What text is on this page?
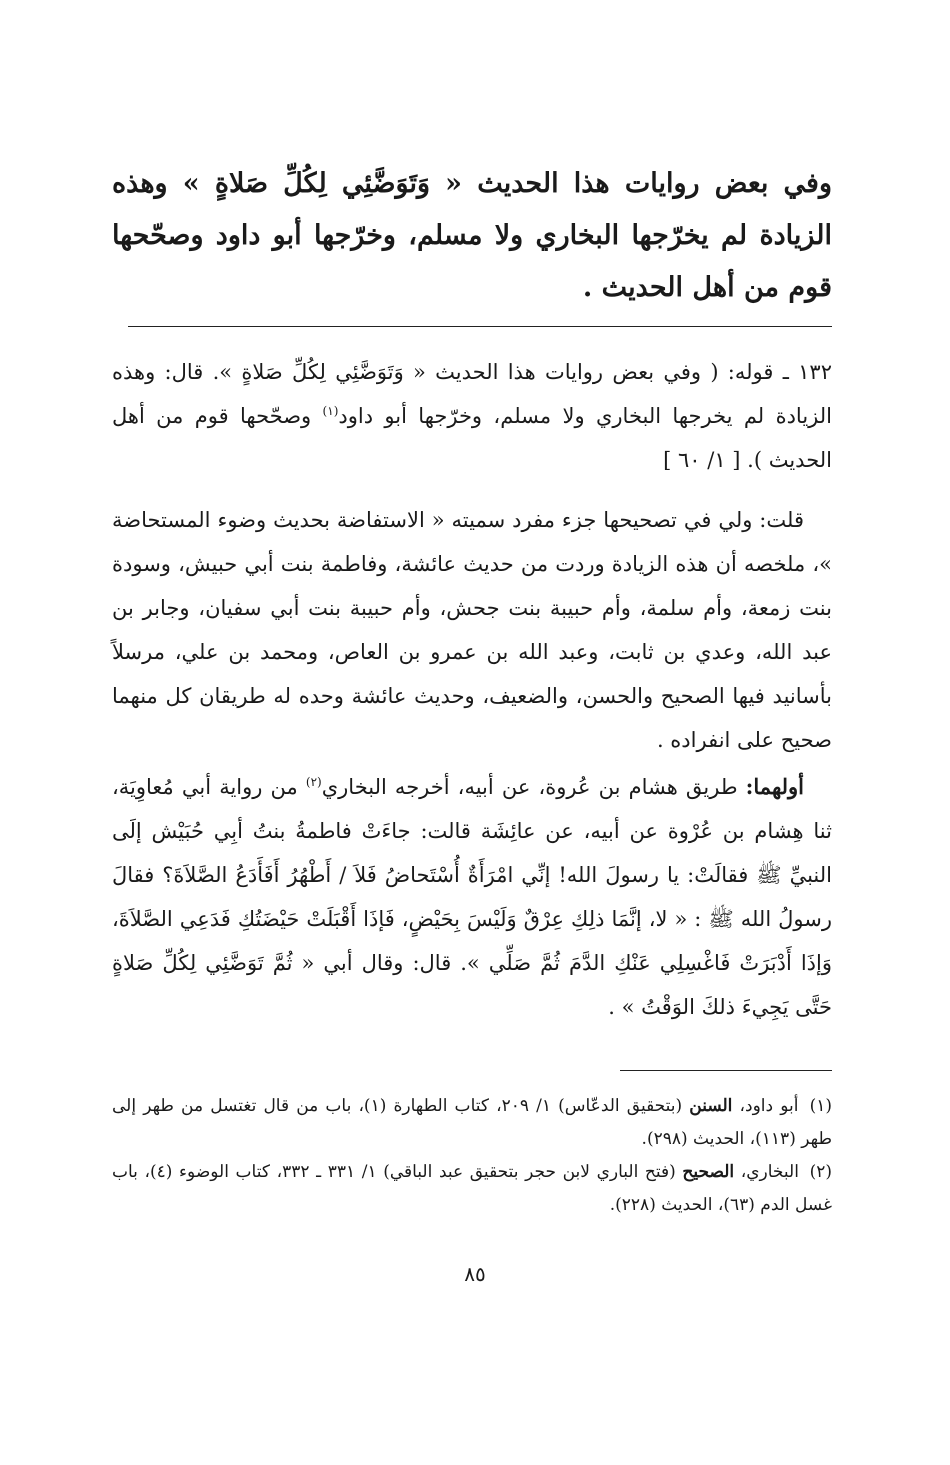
وفي بعض روايات هذا الحديث « وَتَوَضَّئِي لِكُلِّ صَلاةٍ » وهذه الزيادة لم يخرّجها البخاري ولا مسلم، وخرّجها أبو داود وصحّحها قوم من أهل الحديث .
١٣٢ ـ قوله: ( وفي بعض روايات هذا الحديث « وَتَوَضَّئِي لِكُلِّ صَلاةٍ ». قال: وهذه الزيادة لم يخرجها البخاري ولا مسلم، وخرّجها أبو داود$^{(١)}$ وصحّحها قوم من أهل الحديث ). [ ١/ ٦٠ ]
قلت: ولي في تصحيحها جزء مفرد سميته « الاستفاضة بحديث وضوء المستحاضة »، ملخصه أن هذه الزيادة وردت من حديث عائشة، وفاطمة بنت أبي حبيش، وسودة بنت زمعة، وأم سلمة، وأم حبيبة بنت جحش، وأم حبيبة بنت أبي سفيان، وجابر بن عبد الله، وعدي بن ثابت، وعبد الله بن عمرو بن العاص، ومحمد بن علي، مرسلاً بأسانيد فيها الصحيح والحسن، والضعيف، وحديث عائشة وحده له طريقان كل منهما صحيح على انفراده .
أولهما: طريق هشام بن عُروة، عن أبيه، أخرجه البخاري$^{(٢)}$ من رواية أبي مُعاوِيَة، ثنا هِشام بن عُرْوة عن أبيه، عن عائِشَة قالت: جاءَتْ فاطمةُ بنتُ أبِي حُبَيْش إلَى النبيِّ ﷺ فقالَتْ: يا رسولَ الله! إنِّي امْرَأَةٌ أُسْتَحاضُ فَلاَ / أَطْهُرُ أَفَأَدَعُ الصَّلاَةَ؟ فقالَ رسولُ الله ﷺ : « لا، إنَّمَا ذلِكِ عِرْقٌ وَلَيْسَ بِحَيْضٍ، فَإذَا أَقْبَلَتْ حَيْضَتُكِ فَدَعِي الصَّلاَةَ، وَإذَا أَدْبَرَتْ فَاغْسِلِي عَنْكِ الدَّمَ ثُمَّ صَلِّي ». قال: وقال أبي « ثُمَّ تَوَضَّئِي لِكُلِّ صَلاةٍ حَتَّى يَجِيءَ ذلكَ الوَقْتُ » .
(١) أبو داود، السنن (بتحقيق الدعّاس) ١/ ٢٠٩، كتاب الطهارة (١)، باب من قال تغتسل من طهر إلى طهر (١١٣)، الحديث (٢٩٨).
(٢) البخاري، الصحيح (فتح الباري لابن حجر بتحقيق عبد الباقي) ١/ ٣٣١ ـ ٣٣٢، كتاب الوضوء (٤)، باب غسل الدم (٦٣)، الحديث (٢٢٨).
٨٥
